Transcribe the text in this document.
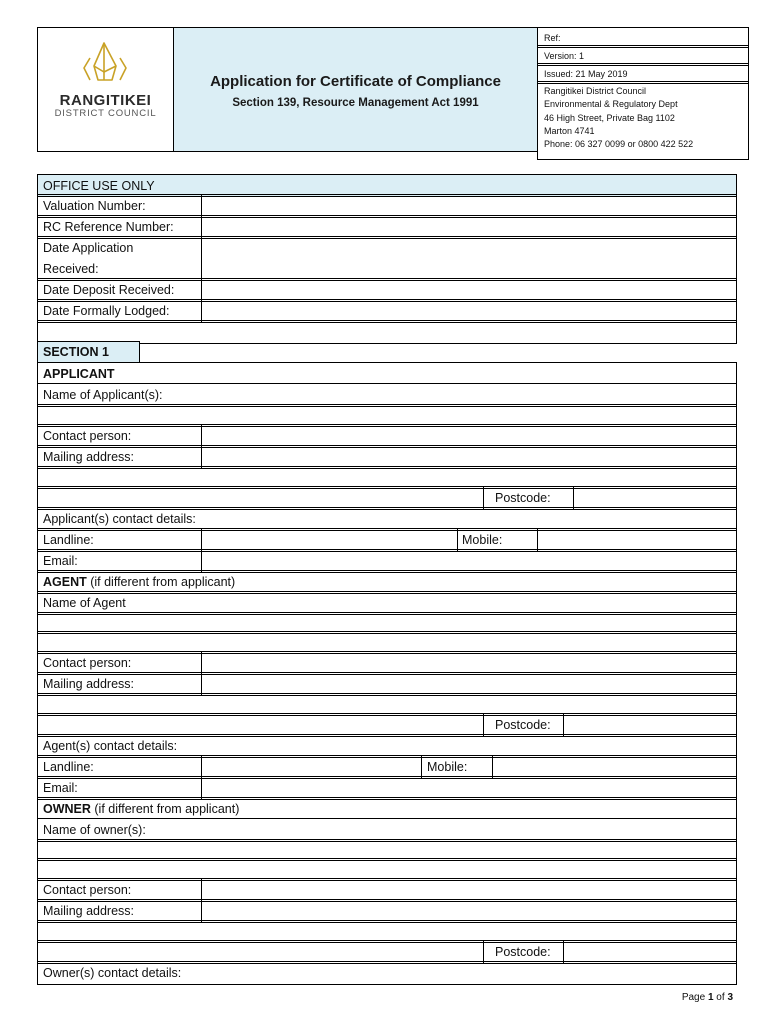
RANGITIKEI
DISTRICT COUNCIL
Application for Certificate of Compliance
Section 139, Resource Management Act 1991
Ref:
Version: 1
Issued: 21 May 2019
Rangitikei District Council
Environmental & Regulatory Dept
46 High Street, Private Bag 1102
Marton 4741
Phone: 06 327 0099 or 0800 422 522
OFFICE USE ONLY
Valuation Number:
RC Reference Number:
Date Application
Received:
Date Deposit Received:
Date Formally Lodged:
SECTION 1
APPLICANT
Name of Applicant(s):
Contact person:
Mailing address:
Postcode:
Applicant(s) contact details:
Landline:	Mobile:
Email:
AGENT (if different from applicant)
Name of Agent
Contact person:
Mailing address:
Postcode:
Agent(s) contact details:
Landline:	Mobile:
Email:
OWNER (if different from applicant)
Name of owner(s):
Contact person:
Mailing address:
Postcode:
Owner(s) contact details:
Page 1 of 3
